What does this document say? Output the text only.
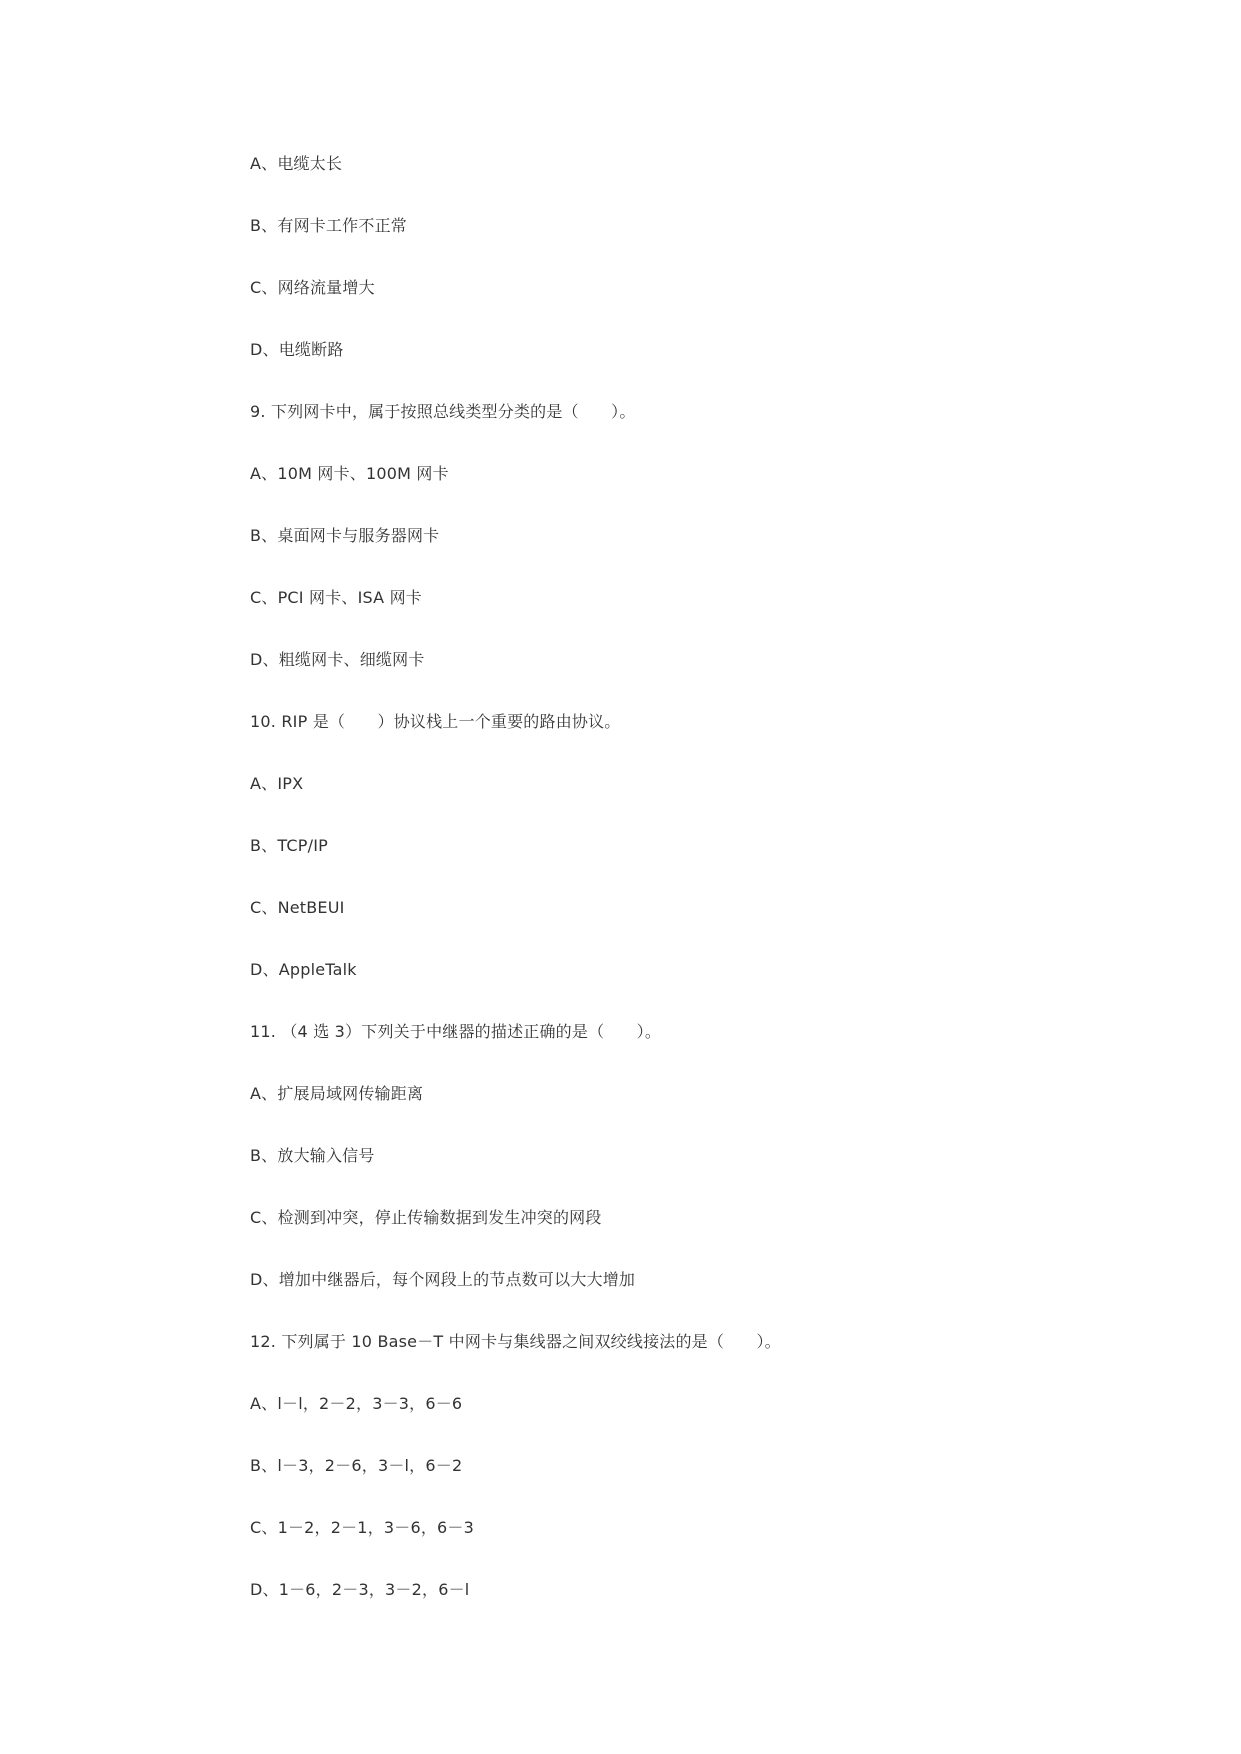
A、电缆太长
B、有网卡工作不正常
C、网络流量增大
D、电缆断路
9. 下列网卡中，属于按照总线类型分类的是（　　）。
A、10M 网卡、100M 网卡
B、桌面网卡与服务器网卡
C、PCI 网卡、ISA 网卡
D、粗缆网卡、细缆网卡
10. RIP 是（　　）协议栈上一个重要的路由协议。
A、IPX
B、TCP/IP
C、NetBEUI
D、AppleTalk
11. （4 选 3）下列关于中继器的描述正确的是（　　）。
A、扩展局域网传输距离
B、放大输入信号
C、检测到冲突，停止传输数据到发生冲突的网段
D、增加中继器后，每个网段上的节点数可以大大增加
12. 下列属于 10 Base－T 中网卡与集线器之间双绞线接法的是（　　）。
A、l－l，2－2，3－3，6－6
B、l－3，2－6，3－l，6－2
C、1－2，2－1，3－6，6－3
D、1－6，2－3，3－2，6－l
